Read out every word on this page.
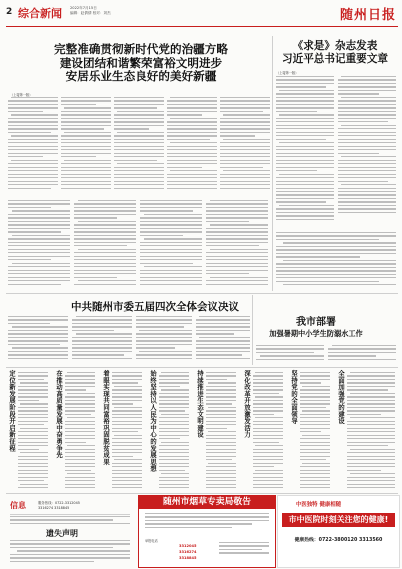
2 综合新闻 2022年7月15日
编辑：赵倩倩 校对：刘杰	随州日报
完整准确贯彻新时代党的治疆方略
建设团结和谐繁荣富裕文明进步
安居乐业生态良好的美好新疆
（上接第一版）
《求是》杂志发表
习近平总书记重要文章
（上接第一版）
中共随州市委五届四次全体会议决议
我市部署
加强暑期中小学生防溺水工作
定位新发展阶段开启新征程	在推动高质量发展中奋勇争先	着眼实现共同富裕巩固脱贫成果	始终坚持以人民为中心的发展思想	持续推进生态文明建设	深化改革开放激发活力	坚持党的全面领导	全面加强党的建设
信息	服务热线：0722-3312045
3316274 3318845
遗失声明
随州市烟草专卖局敬告
举报电话
3312045
3316274
3318845
中医独特 健康相随
市中医院时刻关注您的健康!
健康热线：0722-3800120 3313560
